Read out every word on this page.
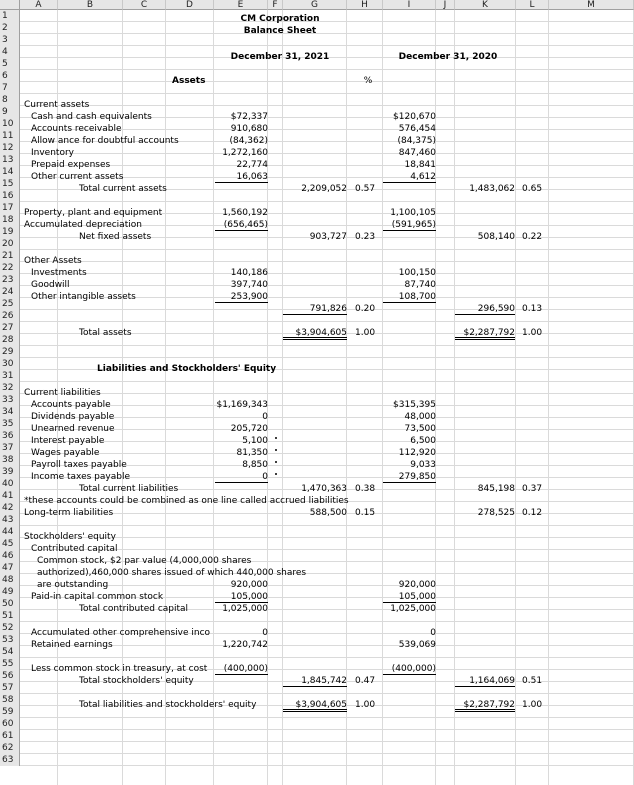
A	B	C	D	E	F	G	H	I	J	K	L	M
1
2
3
4
5
6
7
8
9
10
11
12
13
14
15
16
17
18
19
20
21
22
23
24
25
26
27
28
29
30
31
32
33
34
35
36
37
38
39
40
41
42
43
44
45
46
47
48
49
50
51
52
53
54
55
56
57
58
59
60
61
62
63
CM Corporation
Balance Sheet
December 31, 2021	December 31, 2020
%
Assets
Current assets
Cash and cash equivalents	$72,337	$120,670
Accounts receivable	910,680	576,454
Allow ance for doubtful accounts	(84,362)	(84,375)
Inventory	1,272,160	847,460
Prepaid expenses	22,774	18,841
Other current assets	16,063	4,612
Total current assets	2,209,052 0.57	1,483,062 0.65
Property, plant and equipment	1,560,192	1,100,105
Accumulated depreciation	(656,465)	(591,965)
Net fixed assets	903,727 0.23	508,140 0.22
Other Assets
Investments	140,186	100,150
Goodwill	397,740	87,740
Other intangible assets	253,900	108,700
791,826 0.20	296,590 0.13
Total assets	$3,904,605 1.00	$2,287,792 1.00
Liabilities and Stockholders' Equity
Current liabilities
Accounts payable	$1,169,343	$315,395
Dividends payable	0	48,000
Unearned revenue	205,720	73,500
Interest payable	5,100	6,500
Wages payable	81,350	112,920
Payroll taxes payable	8,850	9,033
Income taxes payable	0	279,850
Total current liabilities	1,470,363 0.38	845,198 0.37
*these accounts could be combined as one line called accrued liabilities
Long-term liabilities	588,500 0.15	278,525 0.12
Stockholders' equity
Contributed capital
Common stock, $2 par value (4,000,000 shares
authorized),460,000 shares issued of which 440,000 shares
are outstanding	920,000	920,000
Paid-in capital common stock	105,000	105,000
Total contributed capital	1,025,000	1,025,000
Accumulated other comprehensive inco	0	0
Retained earnings	1,220,742	539,069
Less common stock in treasury, at cost	(400,000)	(400,000)
Total stockholders' equity	1,845,742 0.47	1,164,069 0.51
Total liabilities and stockholders' equity	$3,904,605 1.00	$2,287,792 1.00
